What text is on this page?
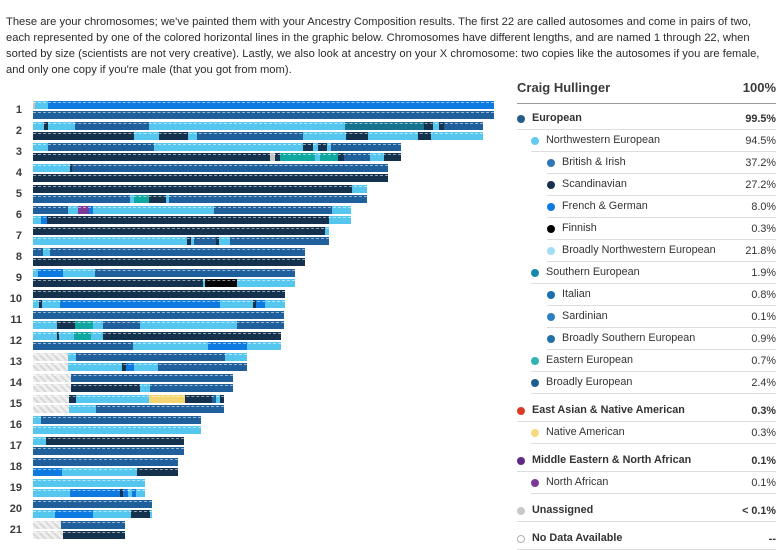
These are your chromosomes; we've painted them with your Ancestry Composition results. The first 22 are called autosomes and come in pairs of two, each represented by one of the colored horizontal lines in the graphic below. Chromosomes have different lengths, and are named 1 through 22, when sorted by size (scientists are not very creative). Lastly, we also look at ancestry on your X chromosome: two copies like the autosomes if you are female, and only one copy if you're male (that you got from mom).

1
2
3
4
5
6
7
8
9
10
11
12
13
14
15
16
17
18
19
20
21
Craig Hullinger	100%
European	99.5%
Northwestern European	94.5%
British & Irish	37.2%
Scandinavian	27.2%
French & German	8.0%
Finnish	0.3%
Broadly Northwestern European	21.8%
Southern European	1.9%
Italian	0.8%
Sardinian	0.1%
Broadly Southern European	0.9%
Eastern European	0.7%
Broadly European	2.4%
East Asian & Native American	0.3%
Native American	0.3%
Middle Eastern & North African	0.1%
North African	0.1%
Unassigned	< 0.1%
No Data Available	--
